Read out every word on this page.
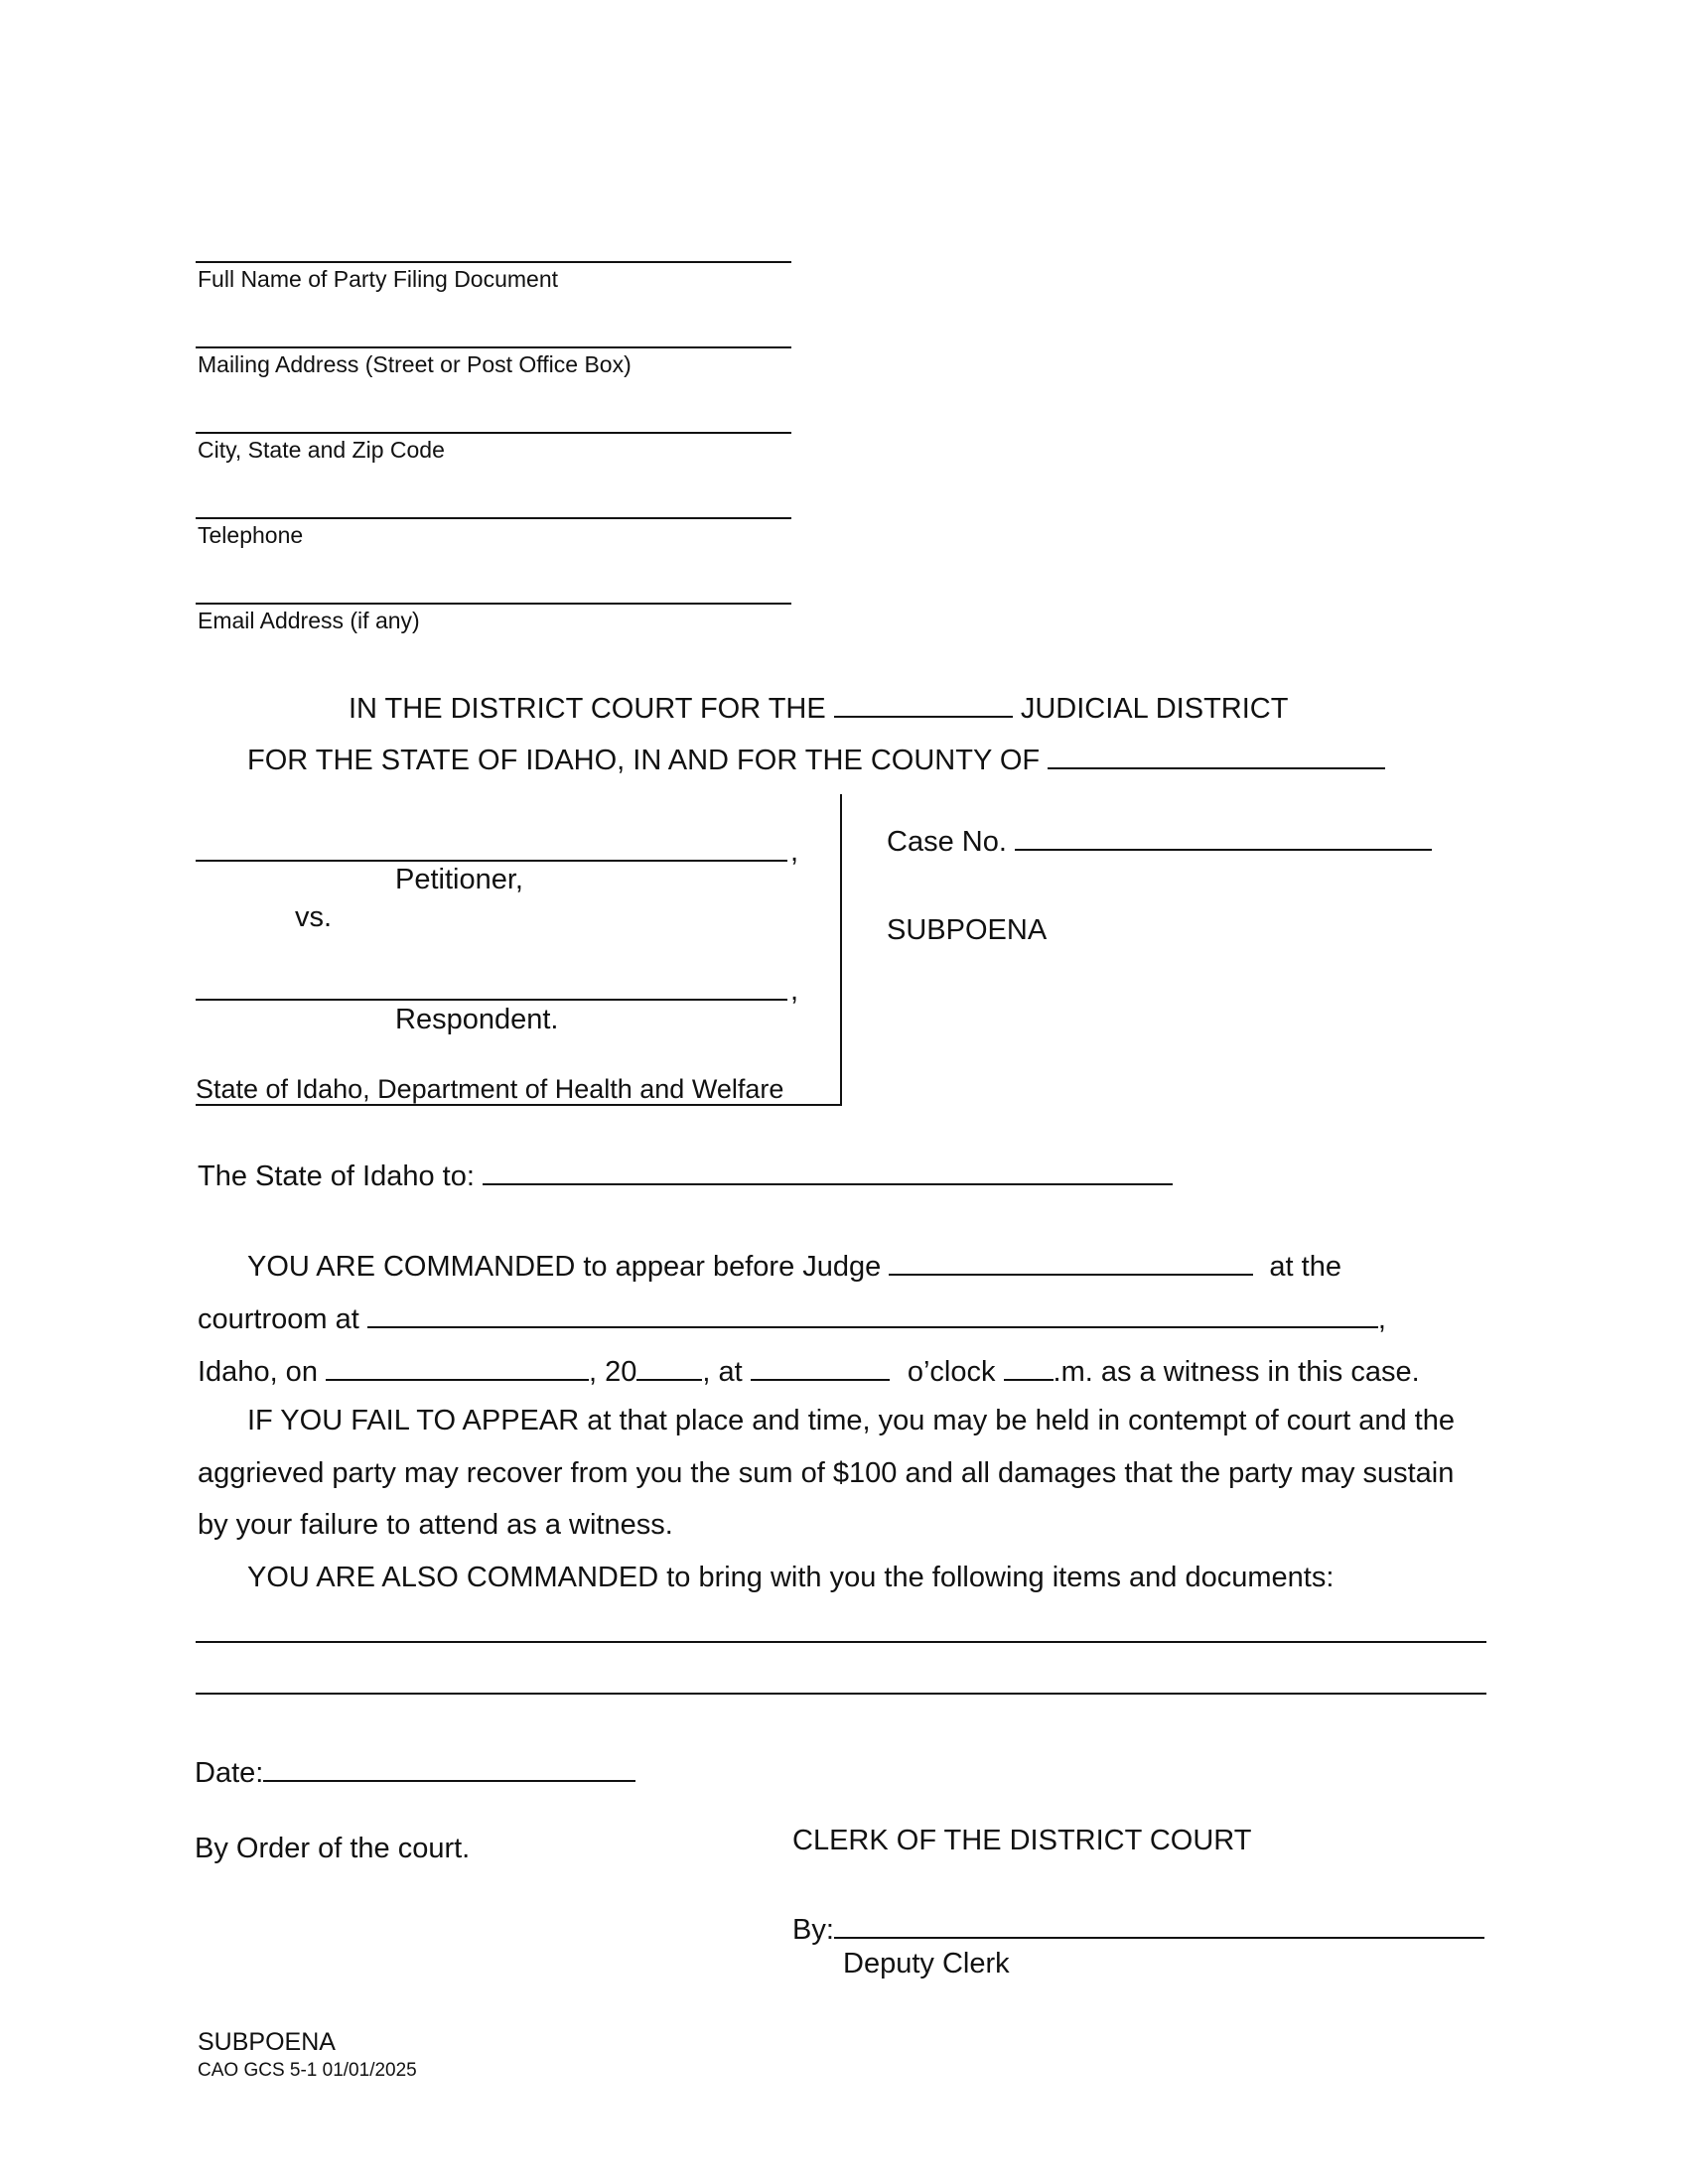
Full Name of Party Filing Document
Mailing Address (Street or Post Office Box)
City, State and Zip Code
Telephone
Email Address (if any)
IN THE DISTRICT COURT FOR THE	JUDICIAL DISTRICT
FOR THE STATE OF IDAHO, IN AND FOR THE COUNTY OF
,
Petitioner,
vs.
,
Respondent.
State of Idaho, Department of Health and Welfare
Case No.
SUBPOENA
The State of Idaho to:
YOU ARE COMMANDED to appear before Judge	at the
courtroom at	,
Idaho, on	, 20 , at	o’clock .m. as a witness in this case.
IF YOU FAIL TO APPEAR at that place and time, you may be held in contempt of court and the
aggrieved party may recover from you the sum of $100 and all damages that the party may sustain
by your failure to attend as a witness.
YOU ARE ALSO COMMANDED to bring with you the following items and documents:
Date:
By Order of the court.	CLERK OF THE DISTRICT COURT
By:
Deputy Clerk
SUBPOENA
CAO GCS 5-1 01/01/2025
